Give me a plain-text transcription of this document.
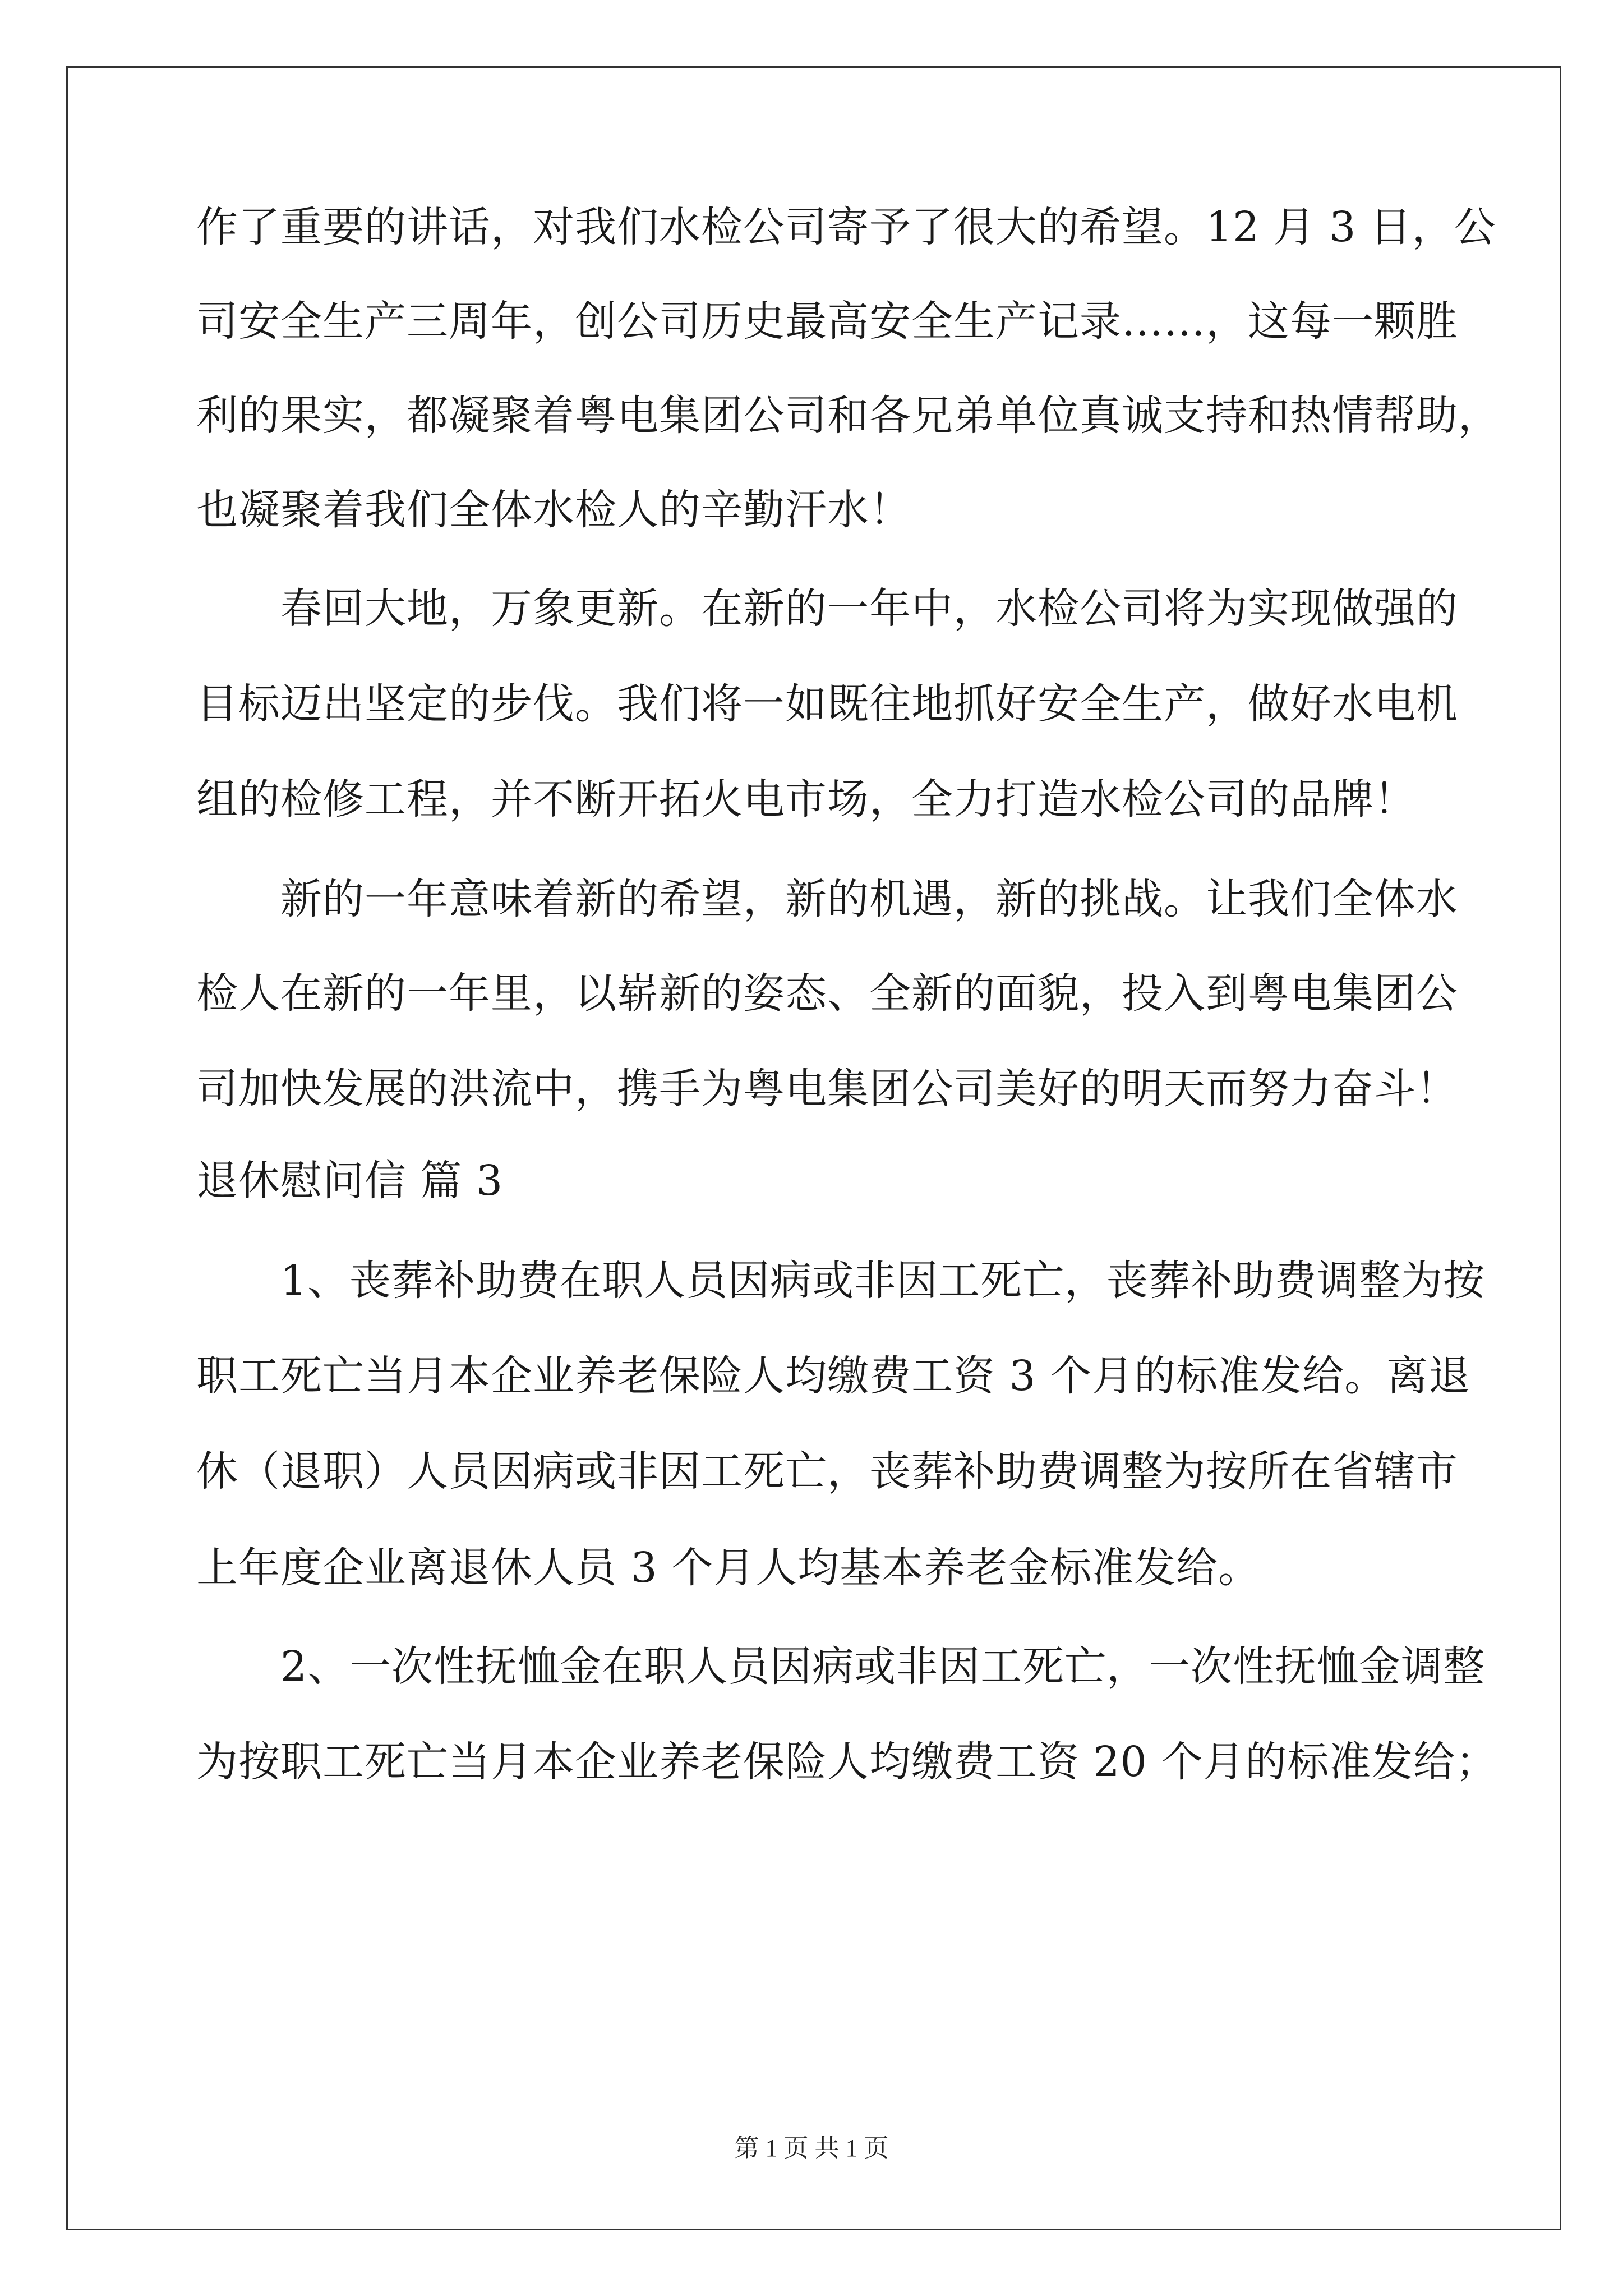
作了重要的讲话，对我们水检公司寄予了很大的希望。12 月 3 日，公

司安全生产三周年，创公司历史最高安全生产记录……，这每一颗胜

利的果实，都凝聚着粤电集团公司和各兄弟单位真诚支持和热情帮助，

也凝聚着我们全体水检人的辛勤汗水！

春回大地，万象更新。在新的一年中，水检公司将为实现做强的

目标迈出坚定的步伐。我们将一如既往地抓好安全生产，做好水电机

组的检修工程，并不断开拓火电市场，全力打造水检公司的品牌！

新的一年意味着新的希望，新的机遇，新的挑战。让我们全体水

检人在新的一年里，以崭新的姿态、全新的面貌，投入到粤电集团公

司加快发展的洪流中，携手为粤电集团公司美好的明天而努力奋斗！

退休慰问信 篇 3

1、丧葬补助费在职人员因病或非因工死亡，丧葬补助费调整为按

职工死亡当月本企业养老保险人均缴费工资 3 个月的标准发给。离退

休（退职）人员因病或非因工死亡，丧葬补助费调整为按所在省辖市

上年度企业离退休人员 3 个月人均基本养老金标准发给。

2、一次性抚恤金在职人员因病或非因工死亡，一次性抚恤金调整

为按职工死亡当月本企业养老保险人均缴费工资 20 个月的标准发给；

第 1 页 共 1 页
